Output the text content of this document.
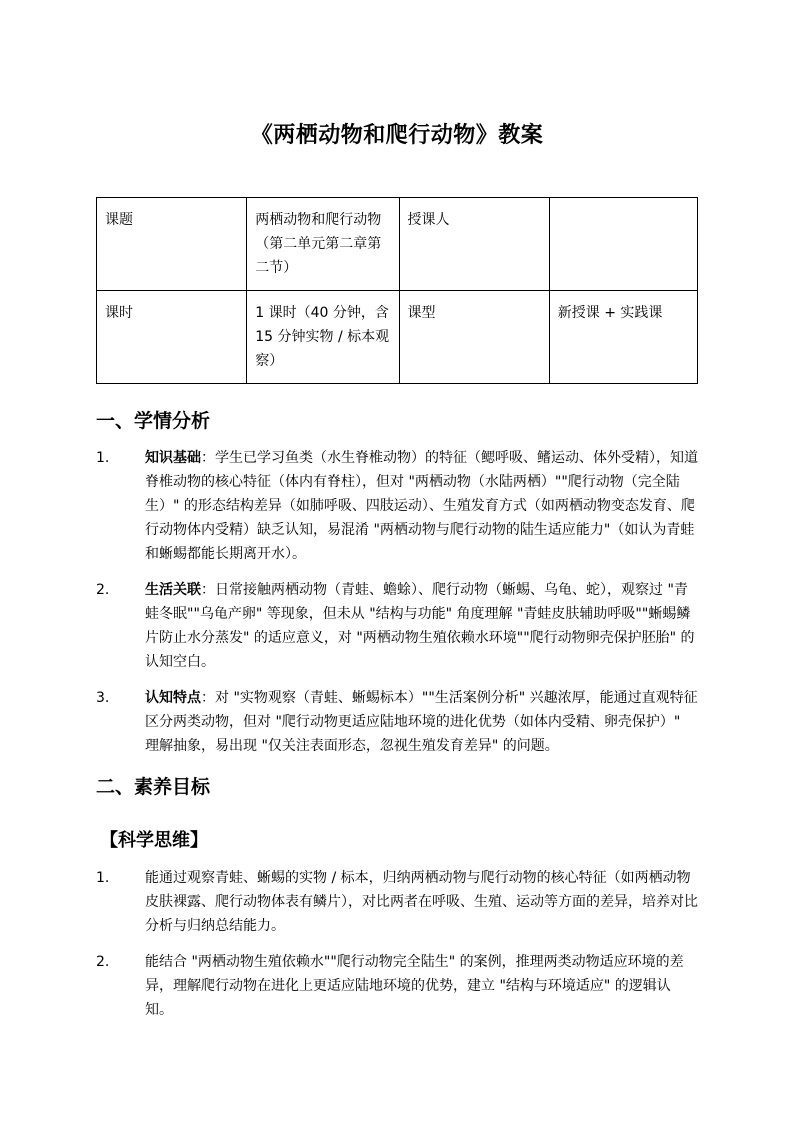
《两栖动物和爬行动物》教案
课题	两栖动物和爬行动物（第二单元第二章第二节）	授课人	
课时	1 课时（40 分钟，含 15 分钟实物 / 标本观察）	课型	新授课 + 实践课
一、学情分析
1.	知识基础：学生已学习鱼类（水生脊椎动物）的特征（鳃呼吸、鳍运动、体外受精），知道脊椎动物的核心特征（体内有脊柱），但对 "两栖动物（水陆两栖）""爬行动物（完全陆生）" 的形态结构差异（如肺呼吸、四肢运动）、生殖发育方式（如两栖动物变态发育、爬行动物体内受精）缺乏认知，易混淆 "两栖动物与爬行动物的陆生适应能力"（如认为青蛙和蜥蜴都能长期离开水）。
2.	生活关联：日常接触两栖动物（青蛙、蟾蜍）、爬行动物（蜥蜴、乌龟、蛇），观察过 "青蛙冬眠""乌龟产卵" 等现象，但未从 "结构与功能" 角度理解 "青蛙皮肤辅助呼吸""蜥蜴鳞片防止水分蒸发" 的适应意义，对 "两栖动物生殖依赖水环境""爬行动物卵壳保护胚胎" 的认知空白。
3.	认知特点：对 "实物观察（青蛙、蜥蜴标本）""生活案例分析" 兴趣浓厚，能通过直观特征区分两类动物，但对 "爬行动物更适应陆地环境的进化优势（如体内受精、卵壳保护）" 理解抽象，易出现 "仅关注表面形态，忽视生殖发育差异" 的问题。
二、素养目标
【科学思维】
1.	能通过观察青蛙、蜥蜴的实物 / 标本，归纳两栖动物与爬行动物的核心特征（如两栖动物皮肤裸露、爬行动物体表有鳞片），对比两者在呼吸、生殖、运动等方面的差异，培养对比分析与归纳总结能力。
2.	能结合 "两栖动物生殖依赖水""爬行动物完全陆生" 的案例，推理两类动物适应环境的差异，理解爬行动物在进化上更适应陆地环境的优势，建立 "结构与环境适应" 的逻辑认知。
